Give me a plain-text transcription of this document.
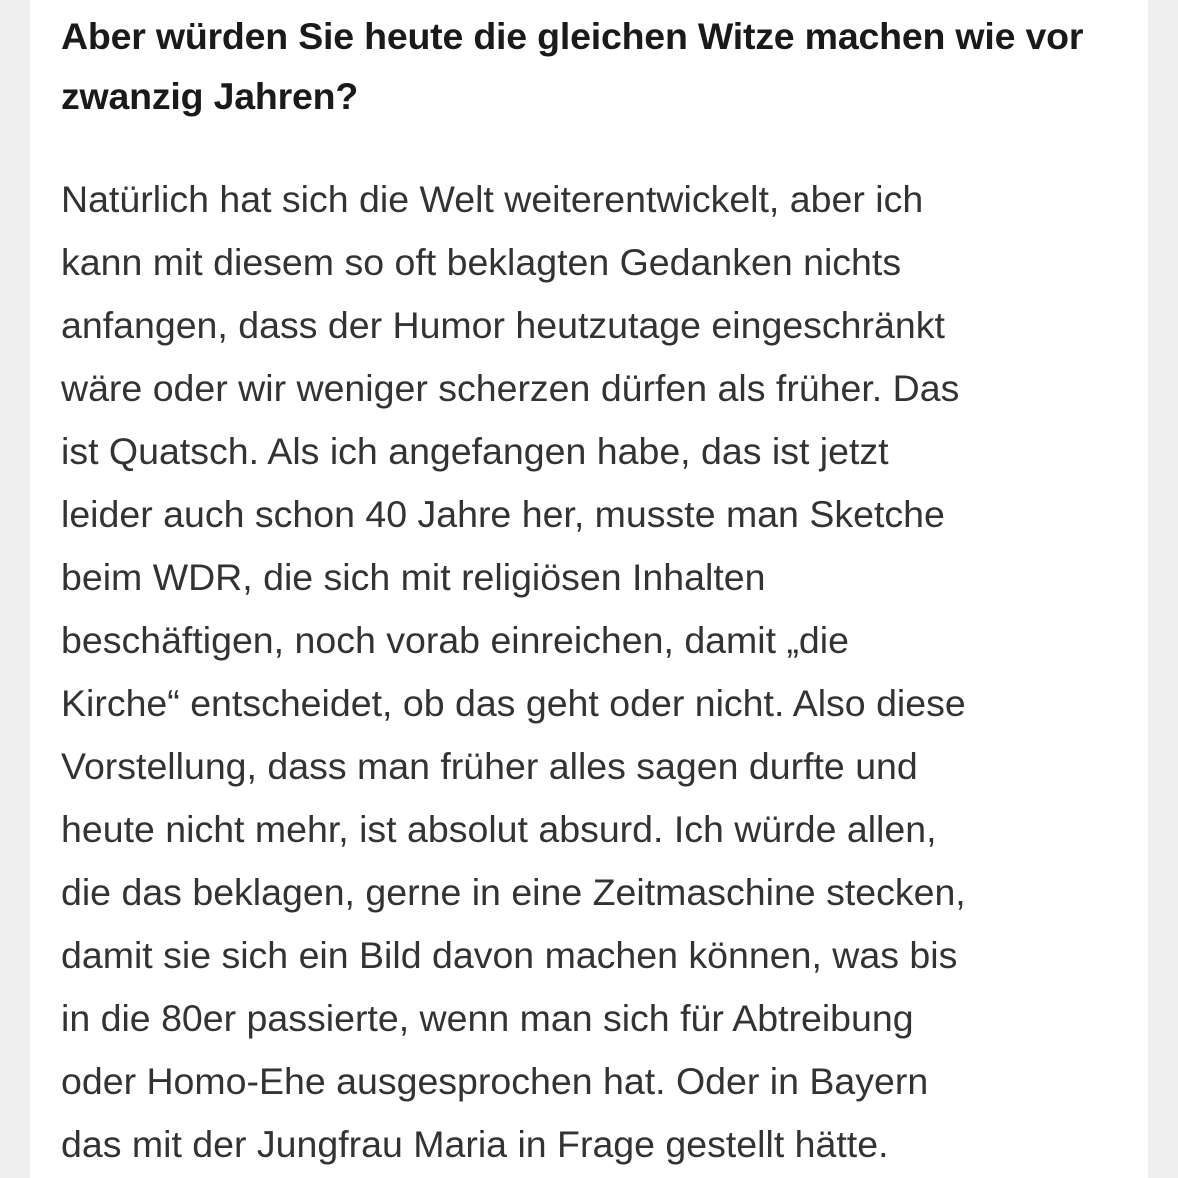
Aber würden Sie heute die gleichen Witze machen wie vor zwanzig Jahren?

Natürlich hat sich die Welt weiterentwickelt, aber ich
kann mit diesem so oft beklagten Gedanken nichts
anfangen, dass der Humor heutzutage eingeschränkt
wäre oder wir weniger scherzen dürfen als früher. Das
ist Quatsch. Als ich angefangen habe, das ist jetzt
leider auch schon 40 Jahre her, musste man Sketche
beim WDR, die sich mit religiösen Inhalten
beschäftigen, noch vorab einreichen, damit „die
Kirche“ entscheidet, ob das geht oder nicht. Also diese
Vorstellung, dass man früher alles sagen durfte und
heute nicht mehr, ist absolut absurd. Ich würde allen,
die das beklagen, gerne in eine Zeitmaschine stecken,
damit sie sich ein Bild davon machen können, was bis
in die 80er passierte, wenn man sich für Abtreibung
oder Homo-Ehe ausgesprochen hat. Oder in Bayern
das mit der Jungfrau Maria in Frage gestellt hätte.
